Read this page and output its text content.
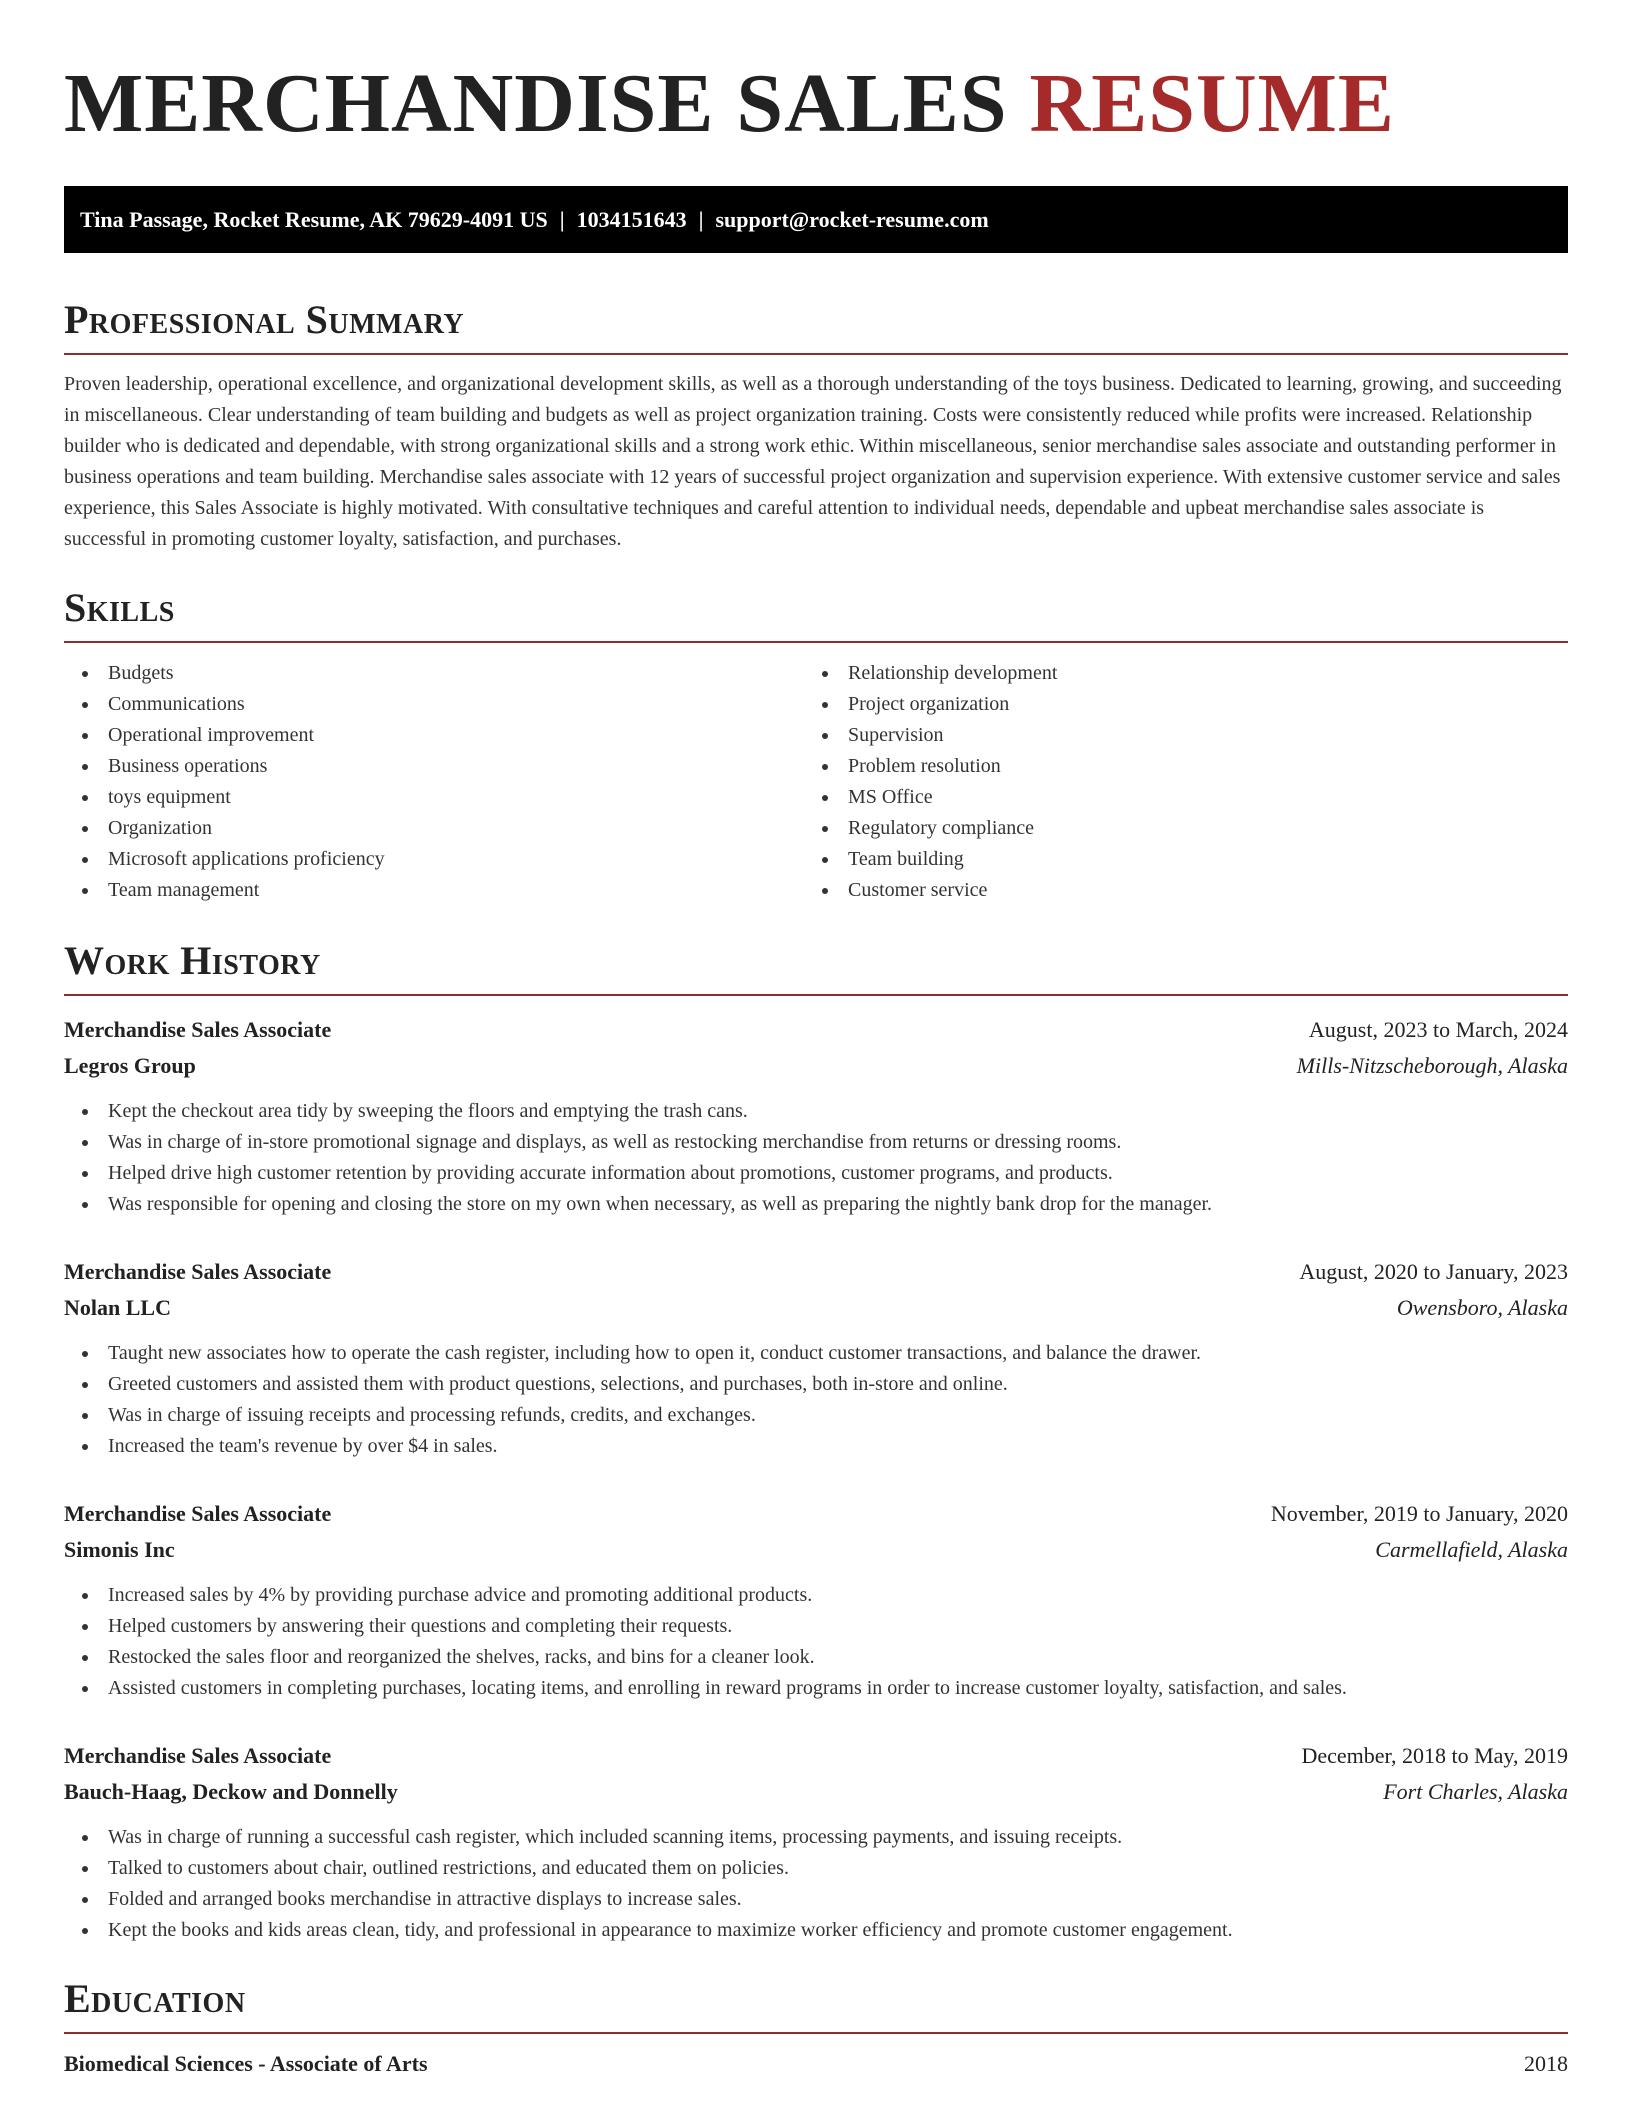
MERCHANDISE SALES RESUME
Tina Passage, Rocket Resume, AK 79629-4091 US | 1034151643 | support@rocket-resume.com
Professional Summary

Proven leadership, operational excellence, and organizational development skills, as well as a thorough understanding of the toys business. Dedicated to learning, growing, and succeeding in miscellaneous. Clear understanding of team building and budgets as well as project organization training. Costs were consistently reduced while profits were increased. Relationship builder who is dedicated and dependable, with strong organizational skills and a strong work ethic. Within miscellaneous, senior merchandise sales associate and outstanding performer in business operations and team building. Merchandise sales associate with 12 years of successful project organization and supervision experience. With extensive customer service and sales experience, this Sales Associate is highly motivated. With consultative techniques and careful attention to individual needs, dependable and upbeat merchandise sales associate is successful in promoting customer loyalty, satisfaction, and purchases.

Skills
Budgets
Communications
Operational improvement
Business operations
toys equipment
Organization
Microsoft applications proficiency
Team management
Relationship development
Project organization
Supervision
Problem resolution
MS Office
Regulatory compliance
Team building
Customer service
Work History
Merchandise Sales Associate	August, 2023 to March, 2024
Legros Group	Mills-Nitzscheborough, Alaska
Kept the checkout area tidy by sweeping the floors and emptying the trash cans.
Was in charge of in-store promotional signage and displays, as well as restocking merchandise from returns or dressing rooms.
Helped drive high customer retention by providing accurate information about promotions, customer programs, and products.
Was responsible for opening and closing the store on my own when necessary, as well as preparing the nightly bank drop for the manager.
Merchandise Sales Associate	August, 2020 to January, 2023
Nolan LLC	Owensboro, Alaska
Taught new associates how to operate the cash register, including how to open it, conduct customer transactions, and balance the drawer.
Greeted customers and assisted them with product questions, selections, and purchases, both in-store and online.
Was in charge of issuing receipts and processing refunds, credits, and exchanges.
Increased the team's revenue by over $4 in sales.
Merchandise Sales Associate	November, 2019 to January, 2020
Simonis Inc	Carmellafield, Alaska
Increased sales by 4% by providing purchase advice and promoting additional products.
Helped customers by answering their questions and completing their requests.
Restocked the sales floor and reorganized the shelves, racks, and bins for a cleaner look.
Assisted customers in completing purchases, locating items, and enrolling in reward programs in order to increase customer loyalty, satisfaction, and sales.
Merchandise Sales Associate	December, 2018 to May, 2019
Bauch-Haag, Deckow and Donnelly	Fort Charles, Alaska
Was in charge of running a successful cash register, which included scanning items, processing payments, and issuing receipts.
Talked to customers about chair, outlined restrictions, and educated them on policies.
Folded and arranged books merchandise in attractive displays to increase sales.
Kept the books and kids areas clean, tidy, and professional in appearance to maximize worker efficiency and promote customer engagement.
Education
Biomedical Sciences - Associate of Arts	2018
